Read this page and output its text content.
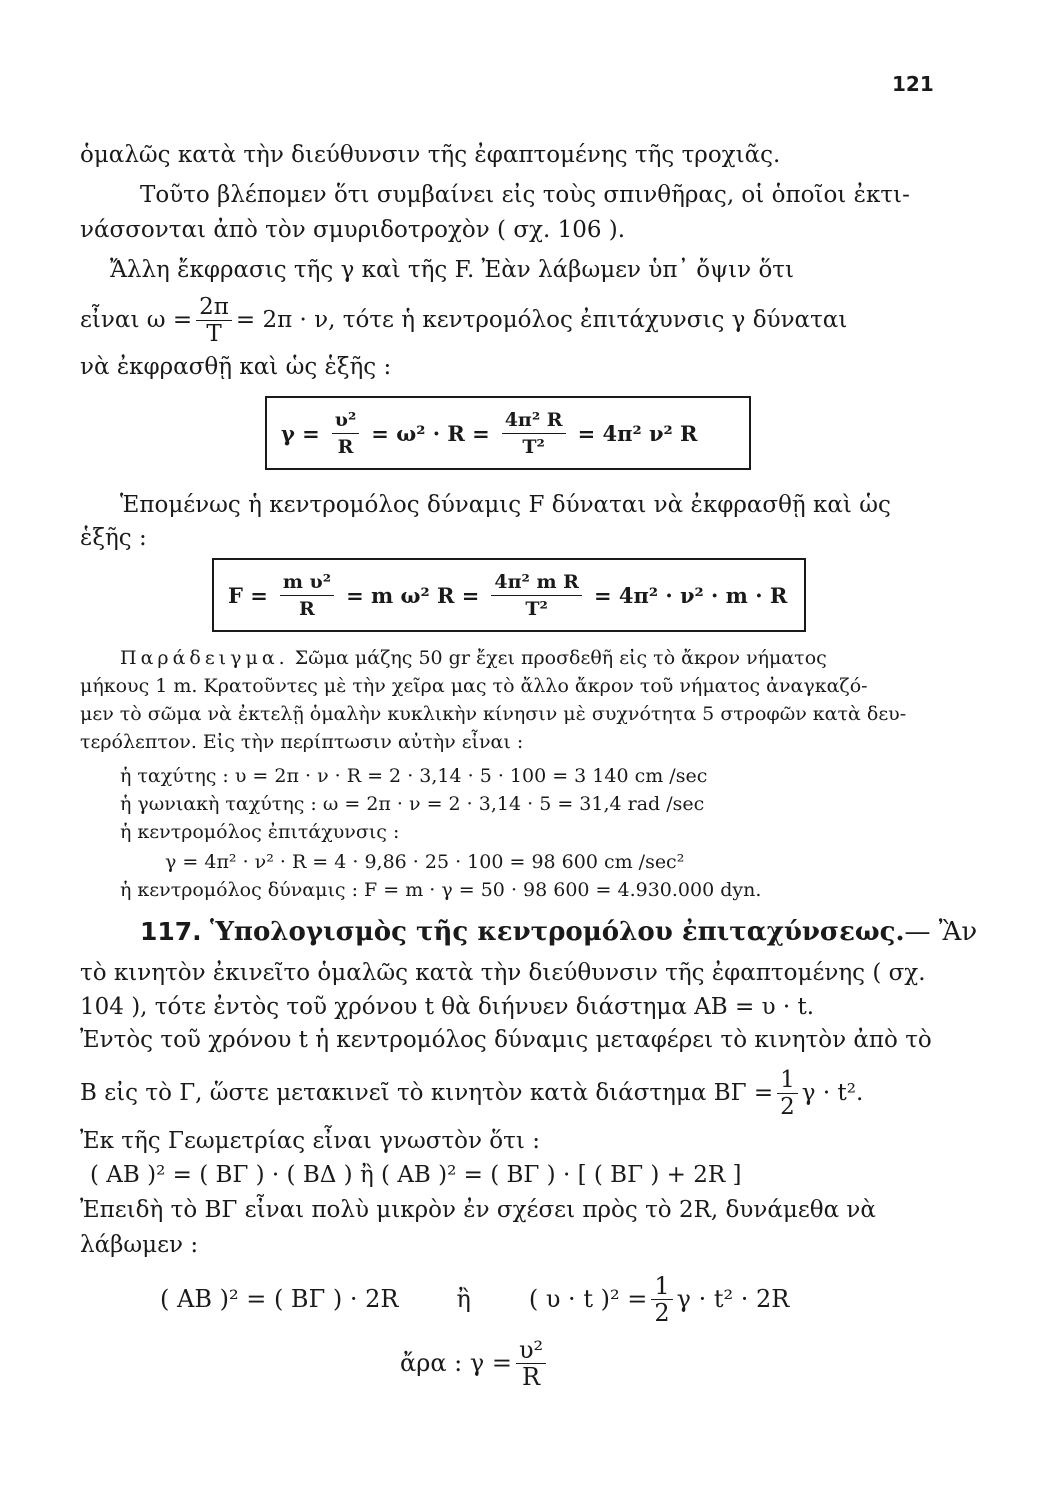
121
ὁμαλῶς κατὰ τὴν διεύθυνσιν τῆς ἐφαπτομένης τῆς τροχιᾶς.
Τοῦτο βλέπομεν ὅτι συμβαίνει εἰς τοὺς σπινθῆρας, οἱ ὁποῖοι ἐκτι-
νάσσονται ἀπὸ τὸν σμυριδοτροχὸν ( σχ. 106 ).
Ἄλλη ἔκφρασις τῆς γ καὶ τῆς F. Ἐὰν λάβωμεν ὑπ᾽ ὄψιν ὅτι
εἶναι $\omega = \frac{2\pi}{T} = 2\pi \cdot \nu$, τότε ἡ κεντρομόλος ἐπιτάχυνσις γ δύναται
νὰ ἐκφρασθῇ καὶ ὡς ἑξῆς :
$\gamma = \frac{\text{υ²}}{R} = \omega^2 \cdot R = \frac{\text{4π² R}}{\text{T²}} = 4\pi^2$ ν² R
Ἑπομένως ἡ κεντρομόλος δύναμις F δύναται νὰ ἐκφρασθῇ καὶ ὡς
ἑξῆς :
$F = \frac{\text{m υ²}}{R} = m$ ω² $R = \frac{\text{4π² m R}}{\text{T²}} = 4\pi^2 \cdot \nu^2 \cdot m \cdot R$
Παράδειγμα. Σῶμα μάζης 50 gr ἔχει προσδεθῆ εἰς τὸ ἄκρον νήματος
μήκους 1 m. Κρατοῦντες μὲ τὴν χεῖρα μας τὸ ἄλλο ἄκρον τοῦ νήματος ἀναγκαζό-
μεν τὸ σῶμα νὰ ἐκτελῇ ὁμαλὴν κυκλικὴν κίνησιν μὲ συχνότητα 5 στροφῶν κατὰ δευ-
τερόλεπτον. Εἰς τὴν περίπτωσιν αὐτὴν εἶναι :
ἡ ταχύτης : υ = 2π · ν · R = 2 · 3,14 · 5 · 100 = 3 140 cm /sec
ἡ γωνιακὴ ταχύτης : ω = 2π · ν = 2 · 3,14 · 5 = 31,4 rad /sec
ἡ κεντρομόλος ἐπιτάχυνσις :
γ = 4π² · ν² · R = 4 · 9,86 · 25 · 100 = 98 600 cm /sec²
ἡ κεντρομόλος δύναμις : F = m · γ = 50 · 98 600 = 4.930.000 dyn.
117. Ὑπολογισμὸς τῆς κεντρομόλου ἐπιταχύνσεως.— Ἂν
τὸ κινητὸν ἐκινεῖτο ὁμαλῶς κατὰ τὴν διεύθυνσιν τῆς ἐφαπτομένης ( σχ.
104 ), τότε ἐντὸς τοῦ χρόνου t θὰ διήνυεν διάστημα AB = υ · t.
Ἐντὸς τοῦ χρόνου t ἡ κεντρομόλος δύναμις μεταφέρει τὸ κινητὸν ἀπὸ τὸ
B εἰς τὸ Γ, ὥστε μετακινεῖ τὸ κινητὸν κατὰ διάστημα $B\Gamma = \frac{1}{2}$ γ · t².
Ἐκ τῆς Γεωμετρίας εἶναι γνωστὸν ὅτι :
( AB )² = ( ΒΓ ) · ( ΒΔ ) ἢ ( AB )² = ( ΒΓ ) · [ ( ΒΓ ) + 2R ]
Ἐπειδὴ τὸ ΒΓ εἶναι πολὺ μικρὸν ἐν σχέσει πρὸς τὸ 2R, δυνάμεθα νὰ
λάβωμεν :
( AB )² = ( ΒΓ ) · 2R ἢ ( υ · t )$^2 = \frac{1}{2}$ γ · t² · 2R
ἄρα : $\gamma = \frac{\text{υ²}}{R}$
